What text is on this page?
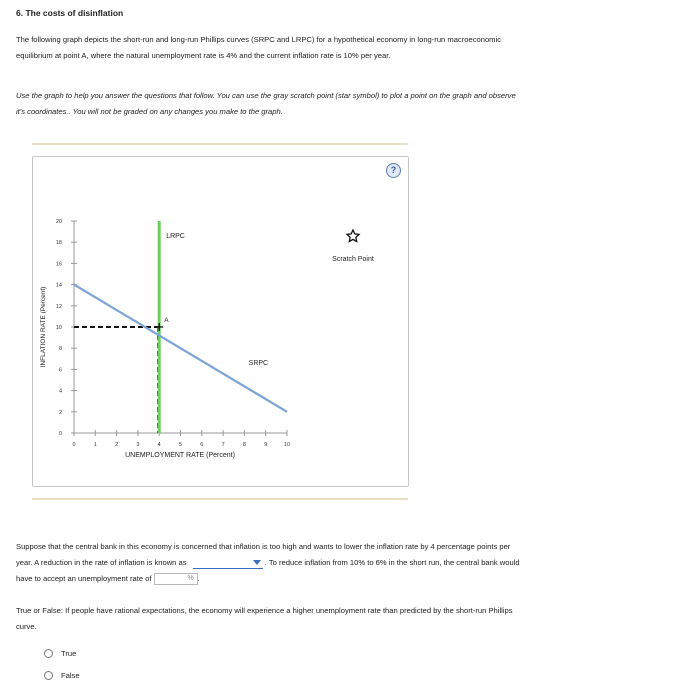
6. The costs of disinflation
The following graph depicts the short-run and long-run Phillips curves (SRPC and LRPC) for a hypothetical economy in long-run macroeconomic
equilibrium at point A, where the natural unemployment rate is 4% and the current inflation rate is 10% per year.
Use the graph to help you answer the questions that follow. You can use the gray scratch point (star symbol) to plot a point on the graph and observe
it's coordinates.. You will not be graded on any changes you make to the graph.
?
INFLATION RATE (Percent)
UNEMPLOYMENT RATE (Percent)
0
2
4
6
8
10
12
14
16
18
20
0	1	2	3	4	5	6	7	8	9	10
A
LRPC
SRPC
Scratch Point
Suppose that the central bank in this economy is concerned that inflation is too high and wants to lower the inflation rate by 4 percentage points per
year. A reduction in the rate of inflation is known as	. To reduce inflation from 10% to 6% in the short run, the central bank would
have to accept an unemployment rate of	% .
True or False: If people have rational expectations, the economy will experience a higher unemployment rate than predicted by the short-run Phillips
curve.
True
False
